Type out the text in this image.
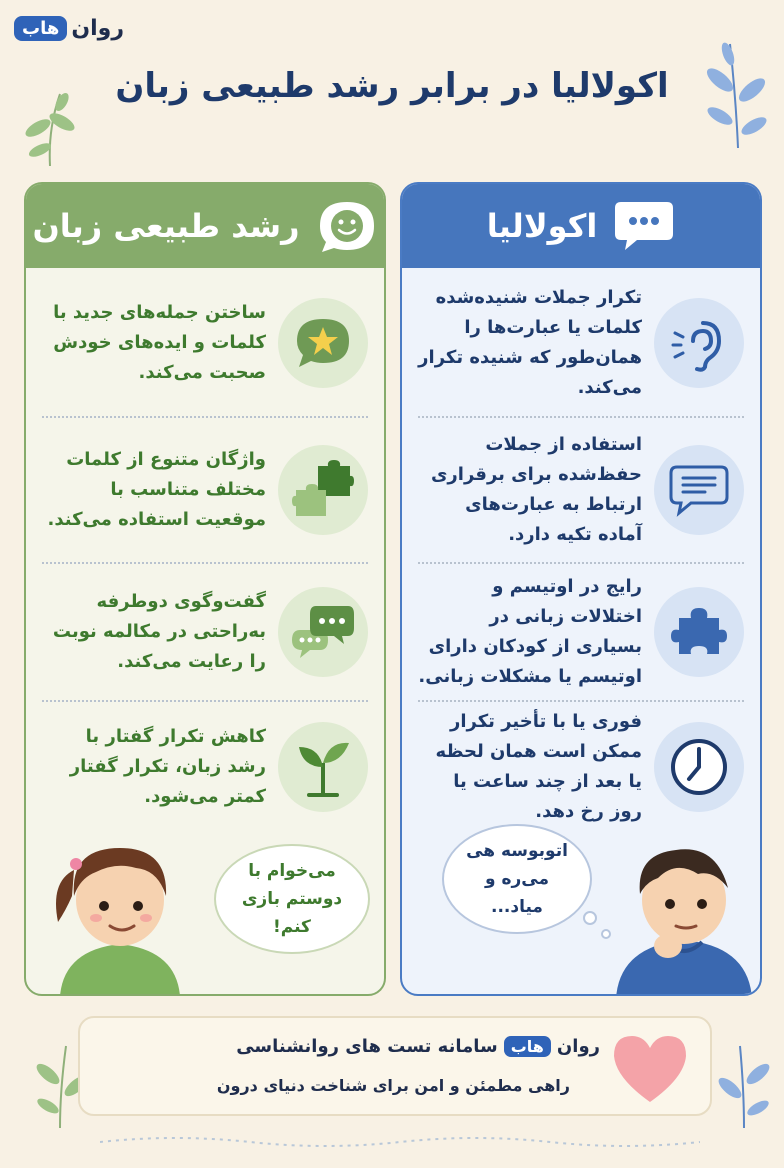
روان
هاب
اکولالیا در برابر رشد طبیعی زبان
اکولالیا
تکرار جملات شنیده‌شده کلمات یا عبارت‌ها را همان‌طور که شنیده تکرار می‌کند.
استفاده از جملات حفظ‌شده برای برقراری ارتباط به عبارت‌های آماده تکیه دارد.
رایج در اوتیسم و اختلالات زبانی در بسیاری از کودکان دارای اوتیسم یا مشکلات زبانی.
فوری یا با تأخیر تکرار ممکن است همان لحظه یا بعد از چند ساعت یا روز رخ دهد.
اتوبوسه هی می‌ره و میاد...
رشد طبیعی زبان
ساختن جمله‌های جدید با کلمات و ایده‌های خودش صحبت می‌کند.
واژگان متنوع از کلمات مختلف متناسب با موقعیت استفاده می‌کند.
گفت‌وگوی دوطرفه به‌راحتی در مکالمه نوبت را رعایت می‌کند.
کاهش تکرار گفتار با رشد زبان، تکرار گفتار کمتر می‌شود.
می‌خوام با دوستم بازی کنم!
روان
هاب
سامانه تست های روانشناسی
راهی مطمئن و امن برای شناخت دنیای درون
